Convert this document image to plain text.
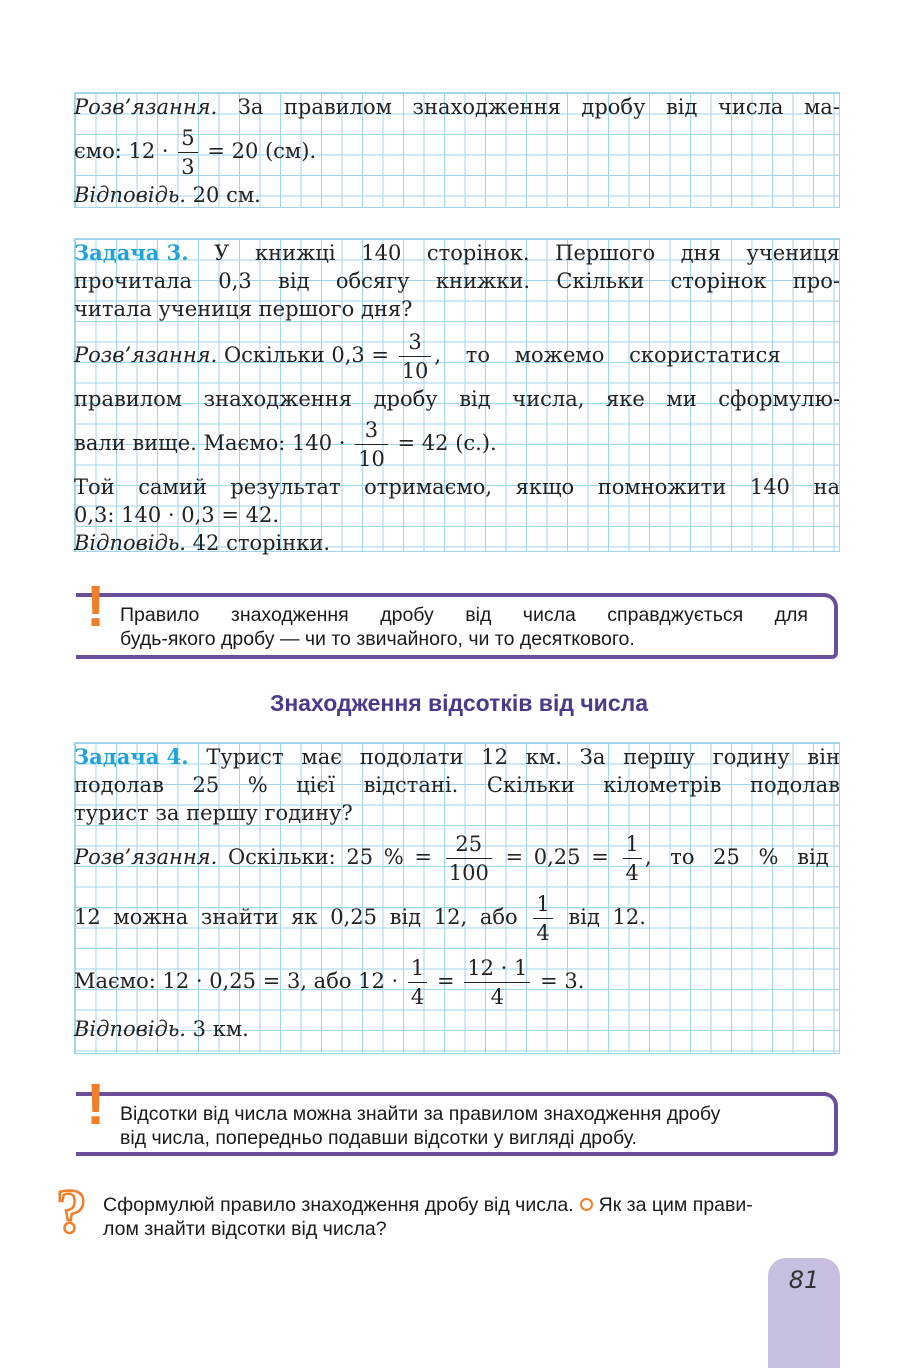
Розв’язання. За правилом знаходження дробу від числа ма-
ємо: $12 \cdot \frac{5}{3} = 20$ (см).
Відповідь. 20 см.
Задача 3. У книжці 140 сторінок. Першого дня учениця
прочитала 0,3 від обсягу книжки. Скільки сторінок про-
читала учениця першого дня?
Розв’язання. Оскільки $0,3 = \frac{3}{10}$ , то можемо скористатися
правилом знаходження дробу від числа, яке ми сформулю-
вали вище. Маємо: $140 \cdot \frac{3}{10} = 42$ (с.).
Той самий результат отримаємо, якщо помножити 140 на
0,3: 140 · 0,3 = 42.
Відповідь. 42 сторінки.
Правило знаходження дробу від числа справджується для
будь-якого дробу — чи то звичайного, чи то десяткового.
!
Знаходження відсотків від числа
Задача 4. Турист має подолати 12 км. За першу годину він
подолав 25 % цієї відстані. Скільки кілометрів подолав
турист за першу годину?
Розв’язання. Оскільки: 25 % = $\frac{25}{100} = 0,25 = \frac{1}{4}$ , то 25 % від
12 можна знайти як 0,25 від 12, або $\frac{1}{4}$ від 12.
Маємо: 12 · 0,25 = 3, або $12 \cdot \frac{1}{4} = \frac{12 \cdot 1}{4} = 3$.
Відповідь. 3 км.
Відсотки від числа можна знайти за правилом знаходження дробу
від числа, попередньо подавши відсотки у вигляді дробу.
!
? Сформулюй правило знаходження дробу від числа. Як за цим прави-
лом знайти відсотки від числа?
81
